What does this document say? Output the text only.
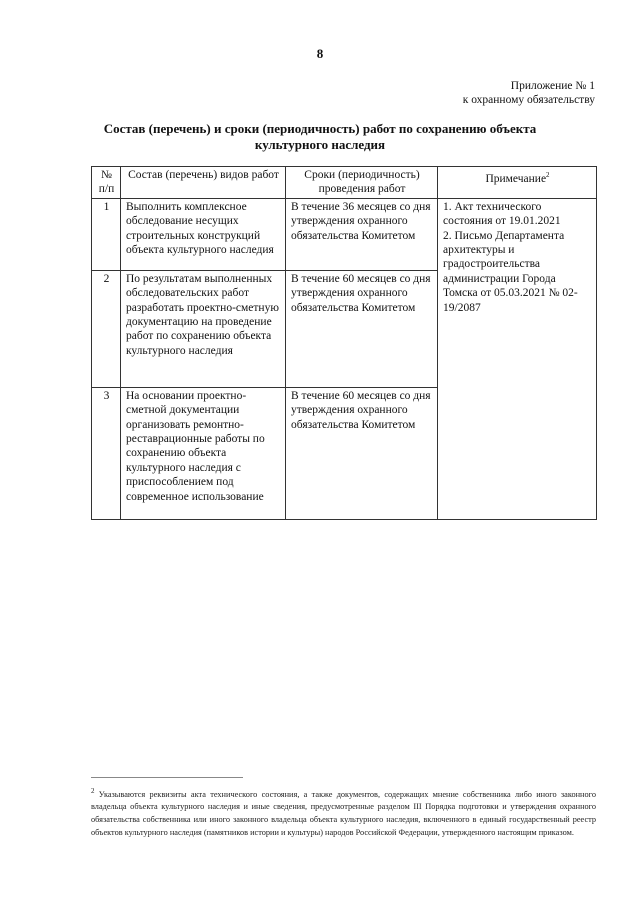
8
Приложение № 1
к охранному обязательству
Состав (перечень) и сроки (периодичность) работ по сохранению объекта культурного наследия
№ п/п	Состав (перечень) видов работ	Сроки (периодичность) проведения работ	Примечание$^2$
1	Выполнить комплексное обследование несущих строительных конструкций объекта культурного наследия	В течение 36 месяцев со дня утверждения охранного обязательства Комитетом	1. Акт технического состояния от 19.01.2021
2. Письмо Департамента архитектуры и градостроительства администрации Города Томска от 05.03.2021 № 02-19/2087

2	По результатам выполненных обследовательских работ разработать проектно-сметную документацию на проведение работ по сохранению объекта культурного наследия	В течение 60 месяцев со дня утверждения охранного обязательства Комитетом	
3	На основании проектно-сметной документации организовать ремонтно-реставрационные работы по сохранению объекта культурного наследия с приспособлением под современное использование	В течение 60 месяцев со дня утверждения охранного обязательства Комитетом	
$^2$ Указываются реквизиты акта технического состояния, а также документов, содержащих мнение собственника либо иного законного владельца объекта культурного наследия и иные сведения, предусмотренные разделом III Порядка подготовки и утверждения охранного обязательства собственника или иного законного владельца объекта культурного наследия, включенного в единый государственный реестр объектов культурного наследия (памятников истории и культуры) народов Российской Федерации, утвержденного настоящим приказом.
